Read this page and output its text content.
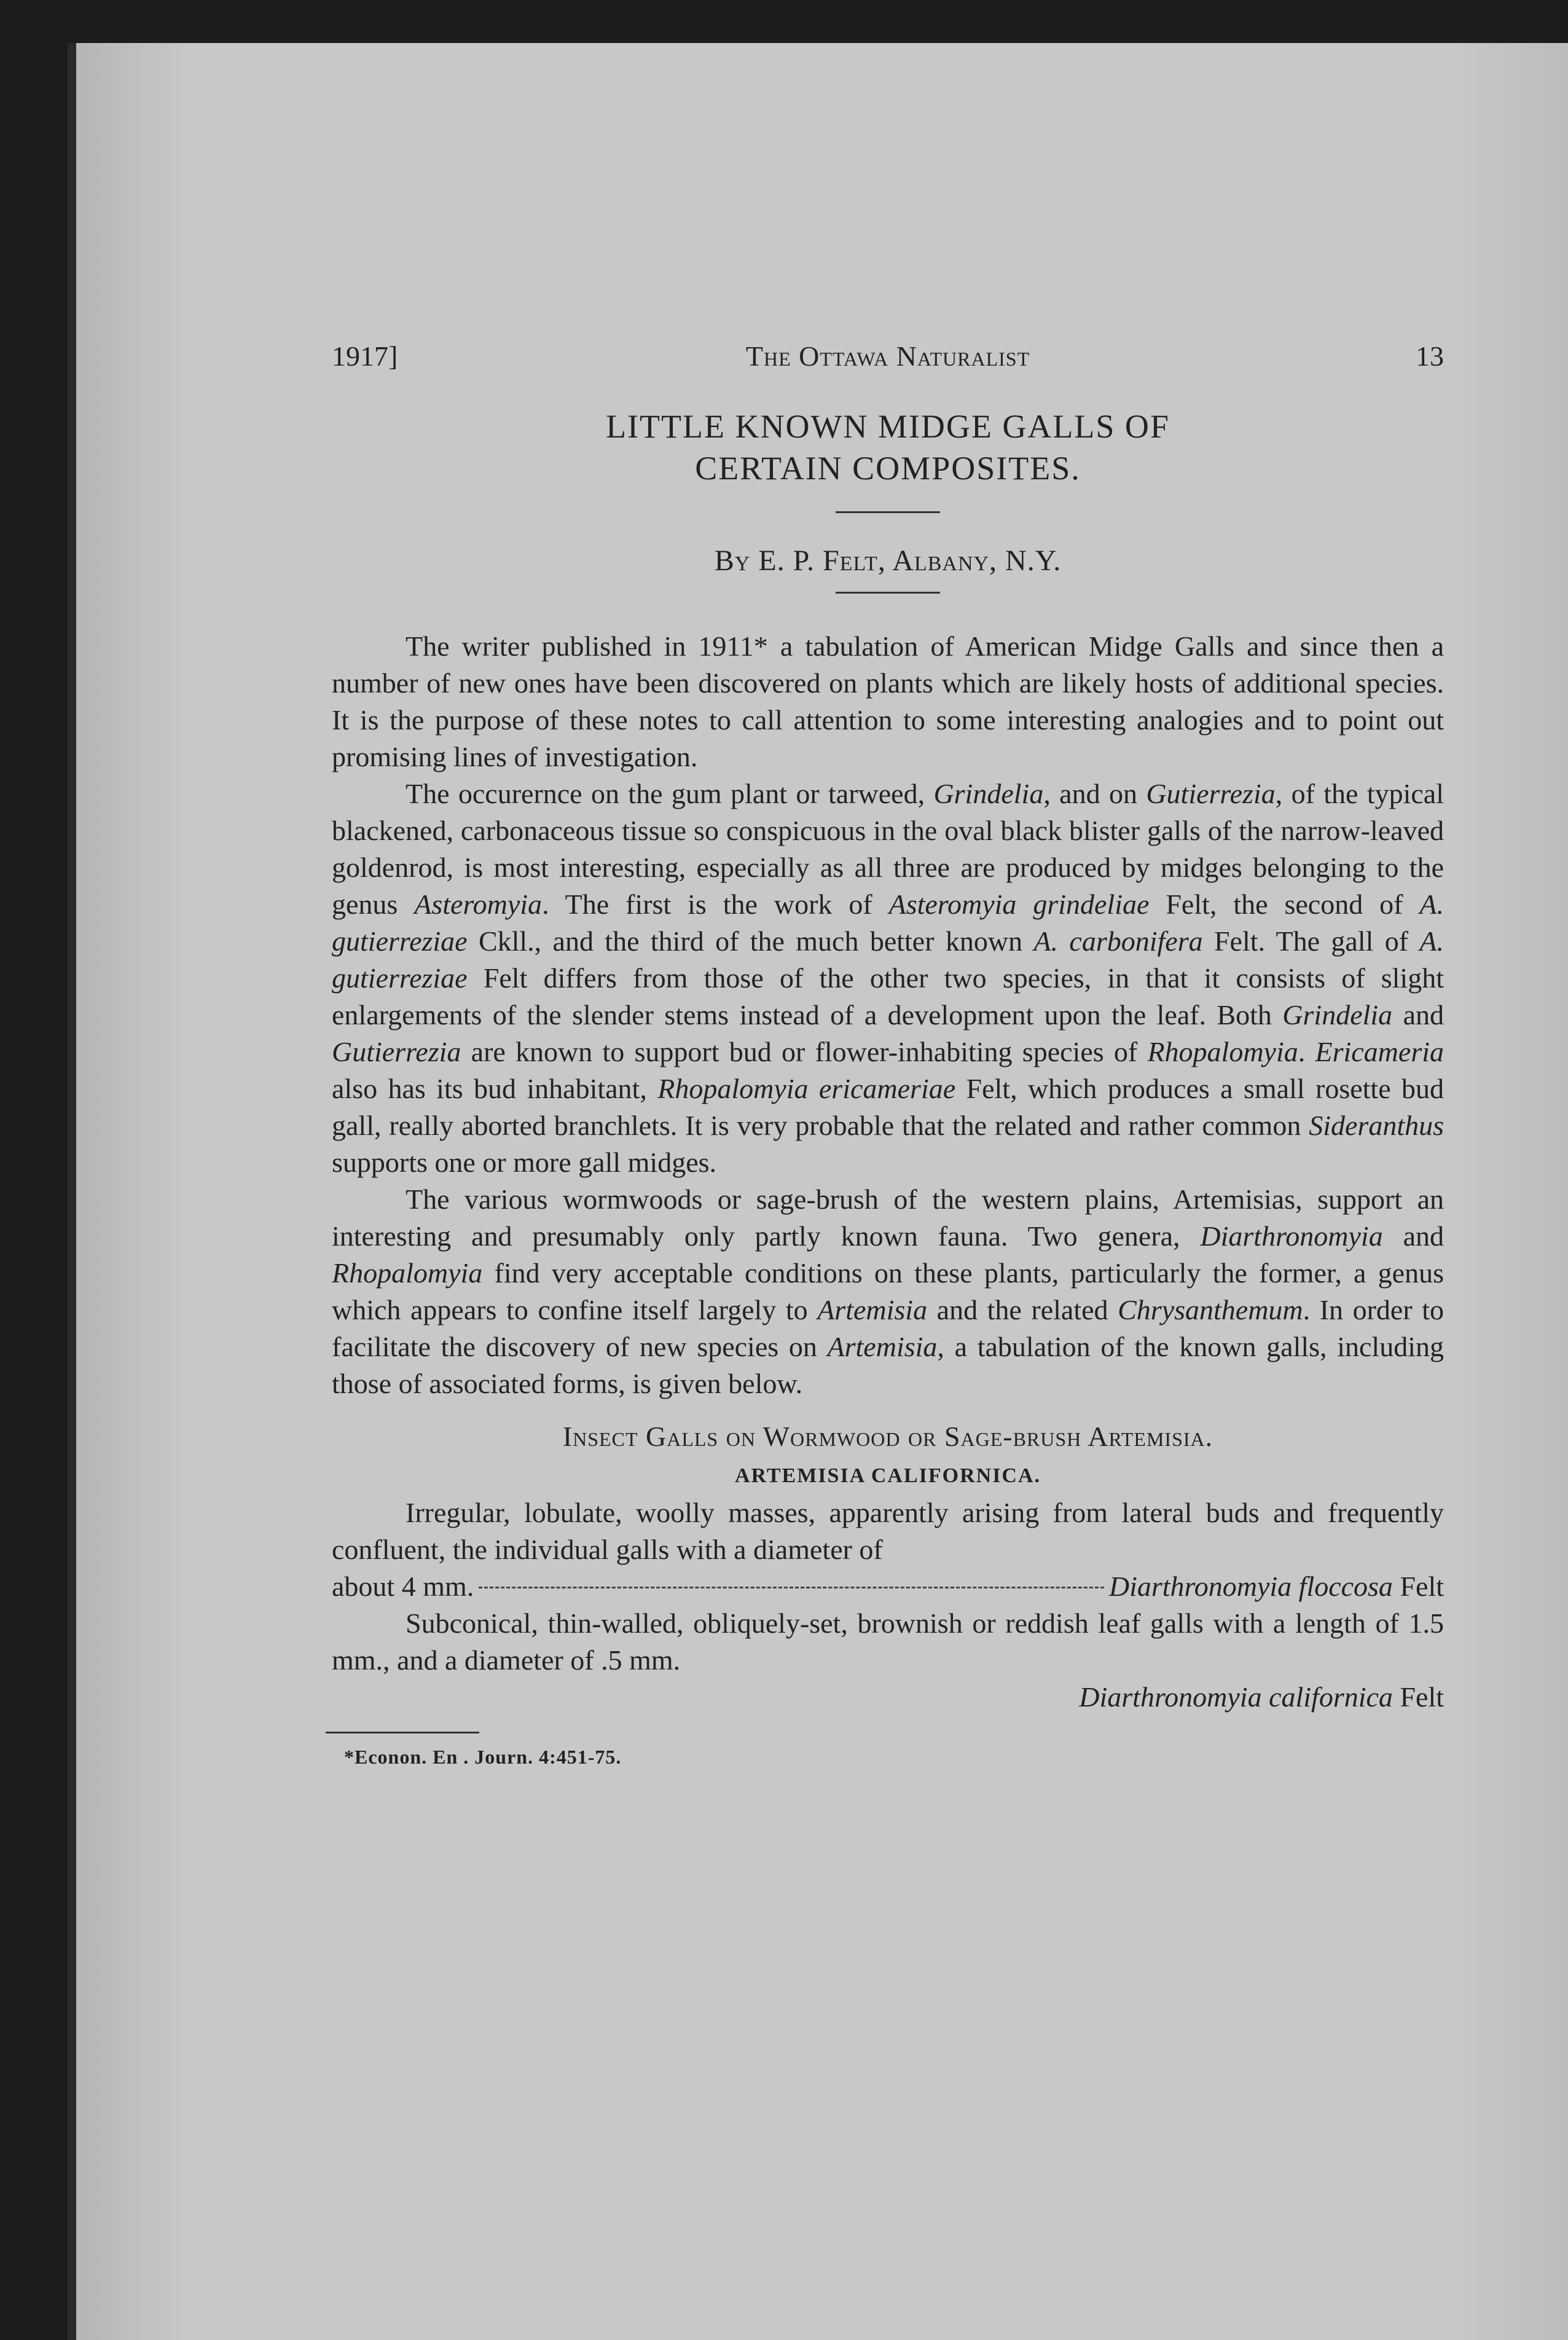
1917]	The Ottawa Naturalist	13
LITTLE KNOWN MIDGE GALLS OF
CERTAIN COMPOSITES.
By E. P. Felt, Albany, N.Y.

The writer published in 1911* a tabulation of American Midge Galls and since then a number of new ones have been discovered on plants which are likely hosts of additional species. It is the purpose of these notes to call attention to some interesting analogies and to point out promising lines of investigation.

The occurernce on the gum plant or tarweed, Grindelia, and on Gutierrezia, of the typical blackened, carbonaceous tissue so conspicuous in the oval black blister galls of the narrow-leaved goldenrod, is most interesting, especially as all three are produced by midges belonging to the genus Asteromyia. The first is the work of Asteromyia grindeliae Felt, the second of A. gutierreziae Ckll., and the third of the much better known A. carbonifera Felt. The gall of A. gutierreziae Felt differs from those of the other two species, in that it consists of slight enlargements of the slender stems instead of a development upon the leaf. Both Grindelia and Gutierrezia are known to support bud or flower-inhabiting species of Rhopalomyia. Ericameria also has its bud inhabitant, Rhopalomyia ericameriae Felt, which produces a small rosette bud gall, really aborted branchlets. It is very probable that the related and rather common Sideranthus supports one or more gall midges.

The various wormwoods or sage-brush of the western plains, Artemisias, support an interesting and presumably only partly known fauna. Two genera, Diarthronomyia and Rhopalomyia find very acceptable conditions on these plants, particularly the former, a genus which appears to confine itself largely to Artemisia and the related Chrysanthemum. In order to facilitate the discovery of new species on Artemisia, a tabulation of the known galls, including those of associated forms, is given below.

Insect Galls on Wormwood or Sage-brush Artemisia.
ARTEMISIA CALIFORNICA.

Irregular, lobulate, woolly masses, apparently arising from lateral buds and frequently confluent, the individual galls with a diameter of

about 4 mm.	Diarthronomyia floccosa Felt

Subconical, thin-walled, obliquely-set, brownish or reddish leaf galls with a length of 1.5 mm., and a diameter of .5 mm.

Diarthronomyia californica Felt
*Econon. En . Journ. 4:451-75.
